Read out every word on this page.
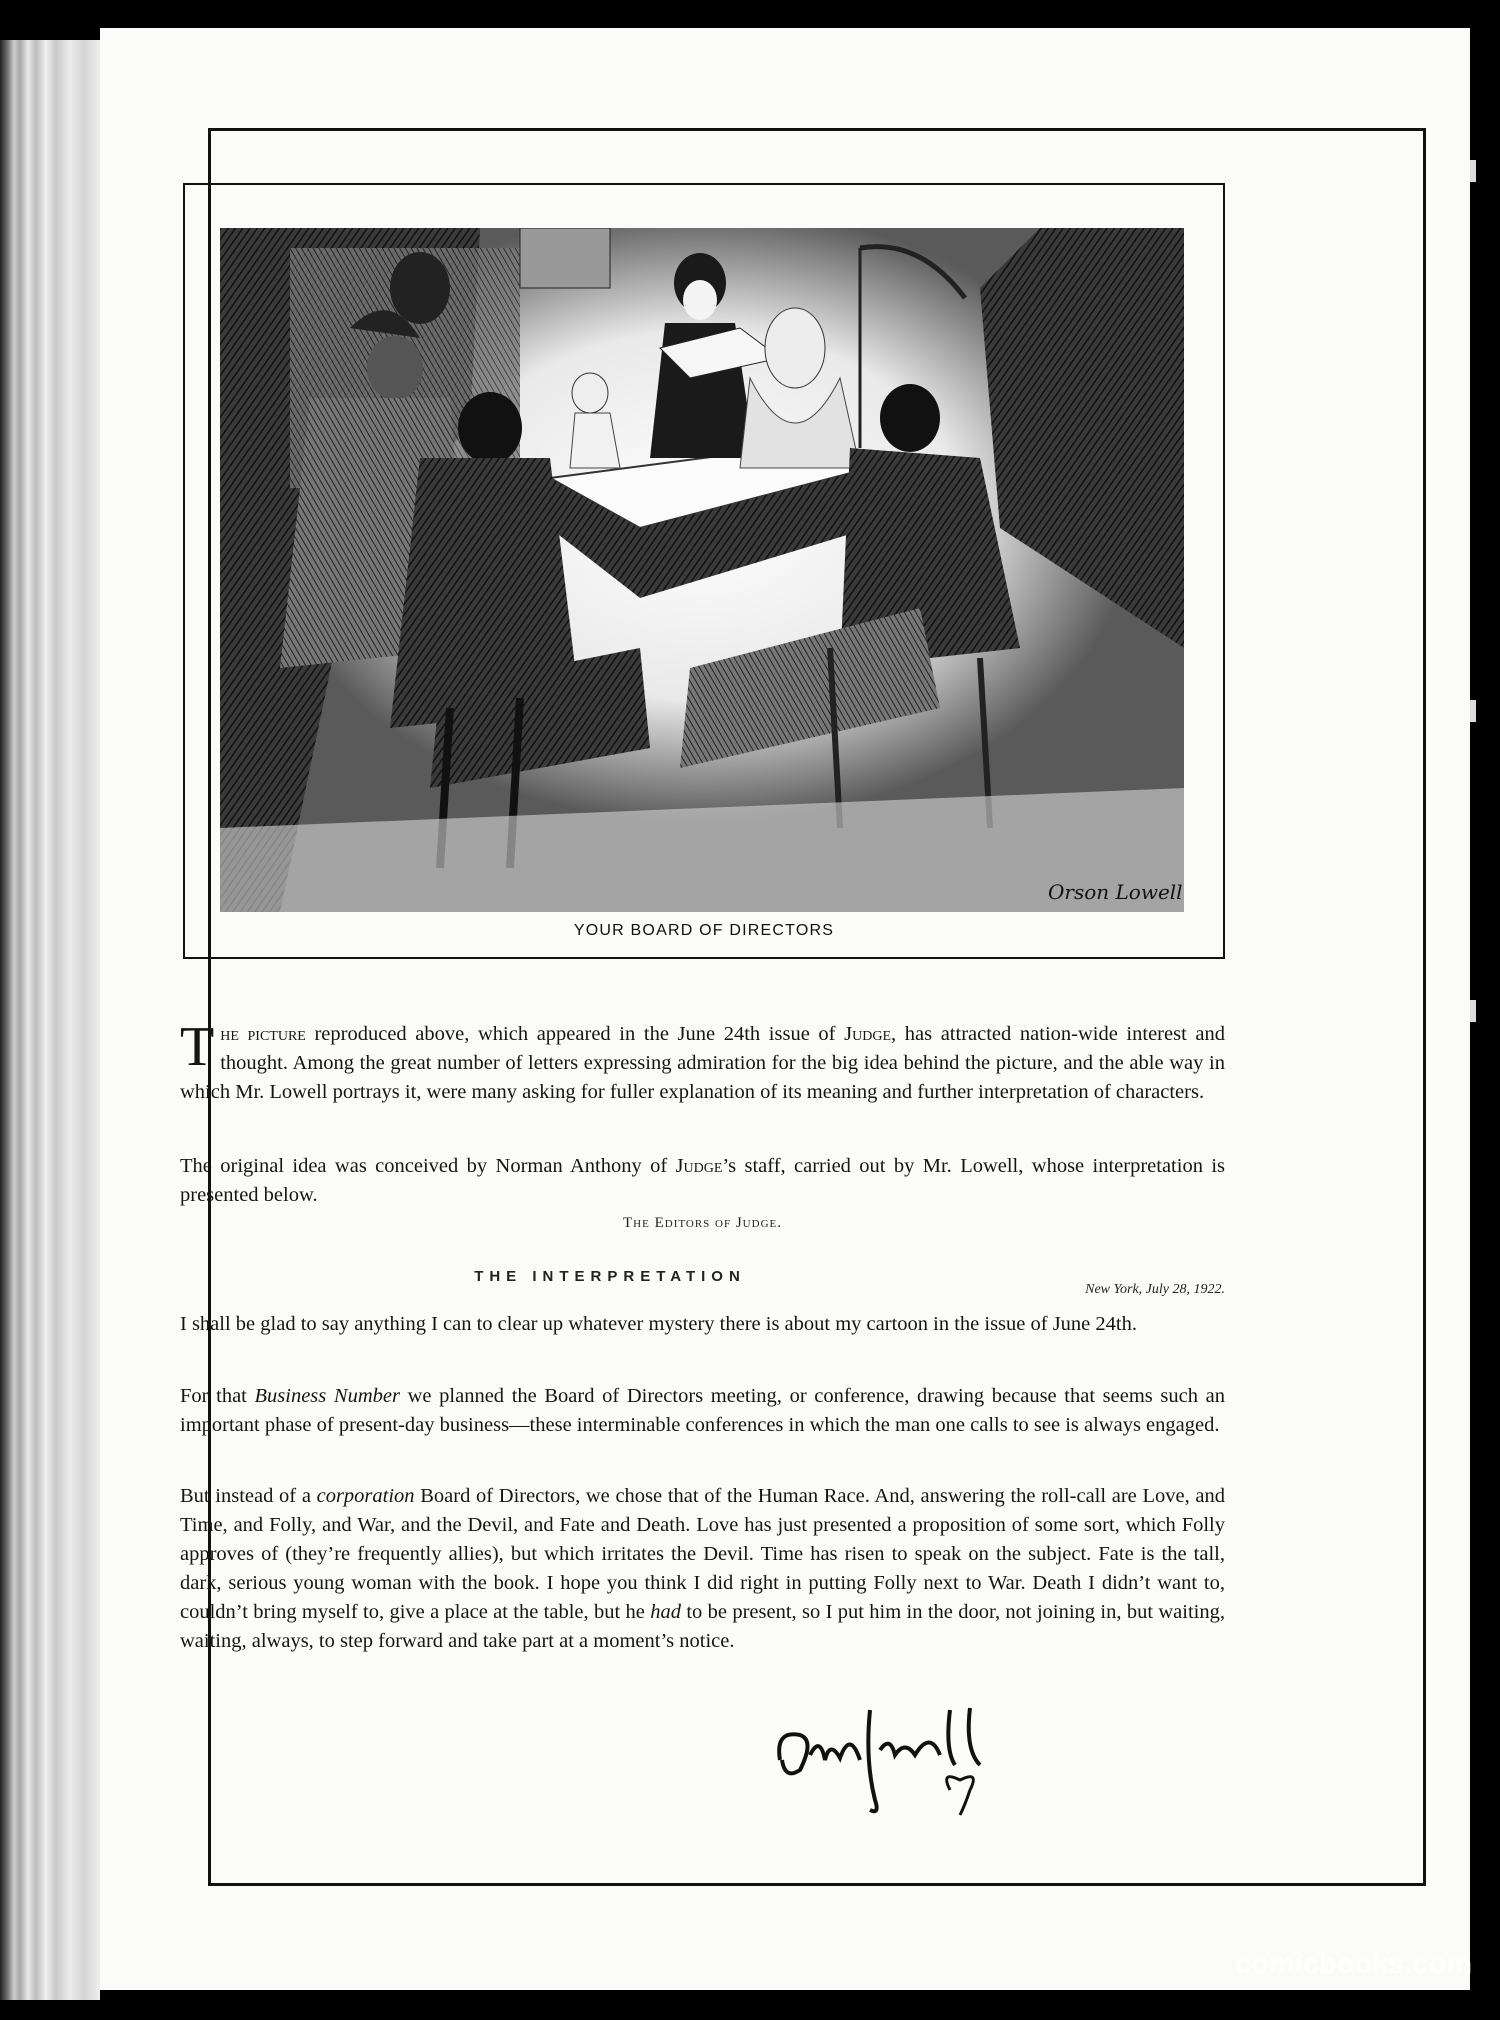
Orson Lowell
YOUR BOARD OF DIRECTORS
The picture reproduced above, which appeared in the June 24th issue of Judge, has attracted nation-wide interest and thought. Among the great number of letters expressing admiration for the big idea behind the picture, and the able way in which Mr. Lowell portrays it, were many asking for fuller explanation of its meaning and further interpretation of characters.
The original idea was conceived by Norman Anthony of Judge’s staff, carried out by Mr. Lowell, whose interpretation is presented below.
The Editors of Judge.
THE INTERPRETATION
New York, July 28, 1922.
I shall be glad to say anything I can to clear up whatever mystery there is about my cartoon in the issue of June 24th.
For that Business Number we planned the Board of Directors meeting, or conference, drawing because that seems such an important phase of present-day business—these interminable conferences in which the man one calls to see is always engaged.
But instead of a corporation Board of Directors, we chose that of the Human Race. And, answering the roll-call are Love, and Time, and Folly, and War, and the Devil, and Fate and Death. Love has just presented a proposition of some sort, which Folly approves of (they’re frequently allies), but which irritates the Devil. Time has risen to speak on the subject. Fate is the tall, dark, serious young woman with the book. I hope you think I did right in putting Folly next to War. Death I didn’t want to, couldn’t bring myself to, give a place at the table, but he had to be present, so I put him in the door, not joining in, but waiting, waiting, always, to step forward and take part at a moment’s notice.
comicbooks.com
